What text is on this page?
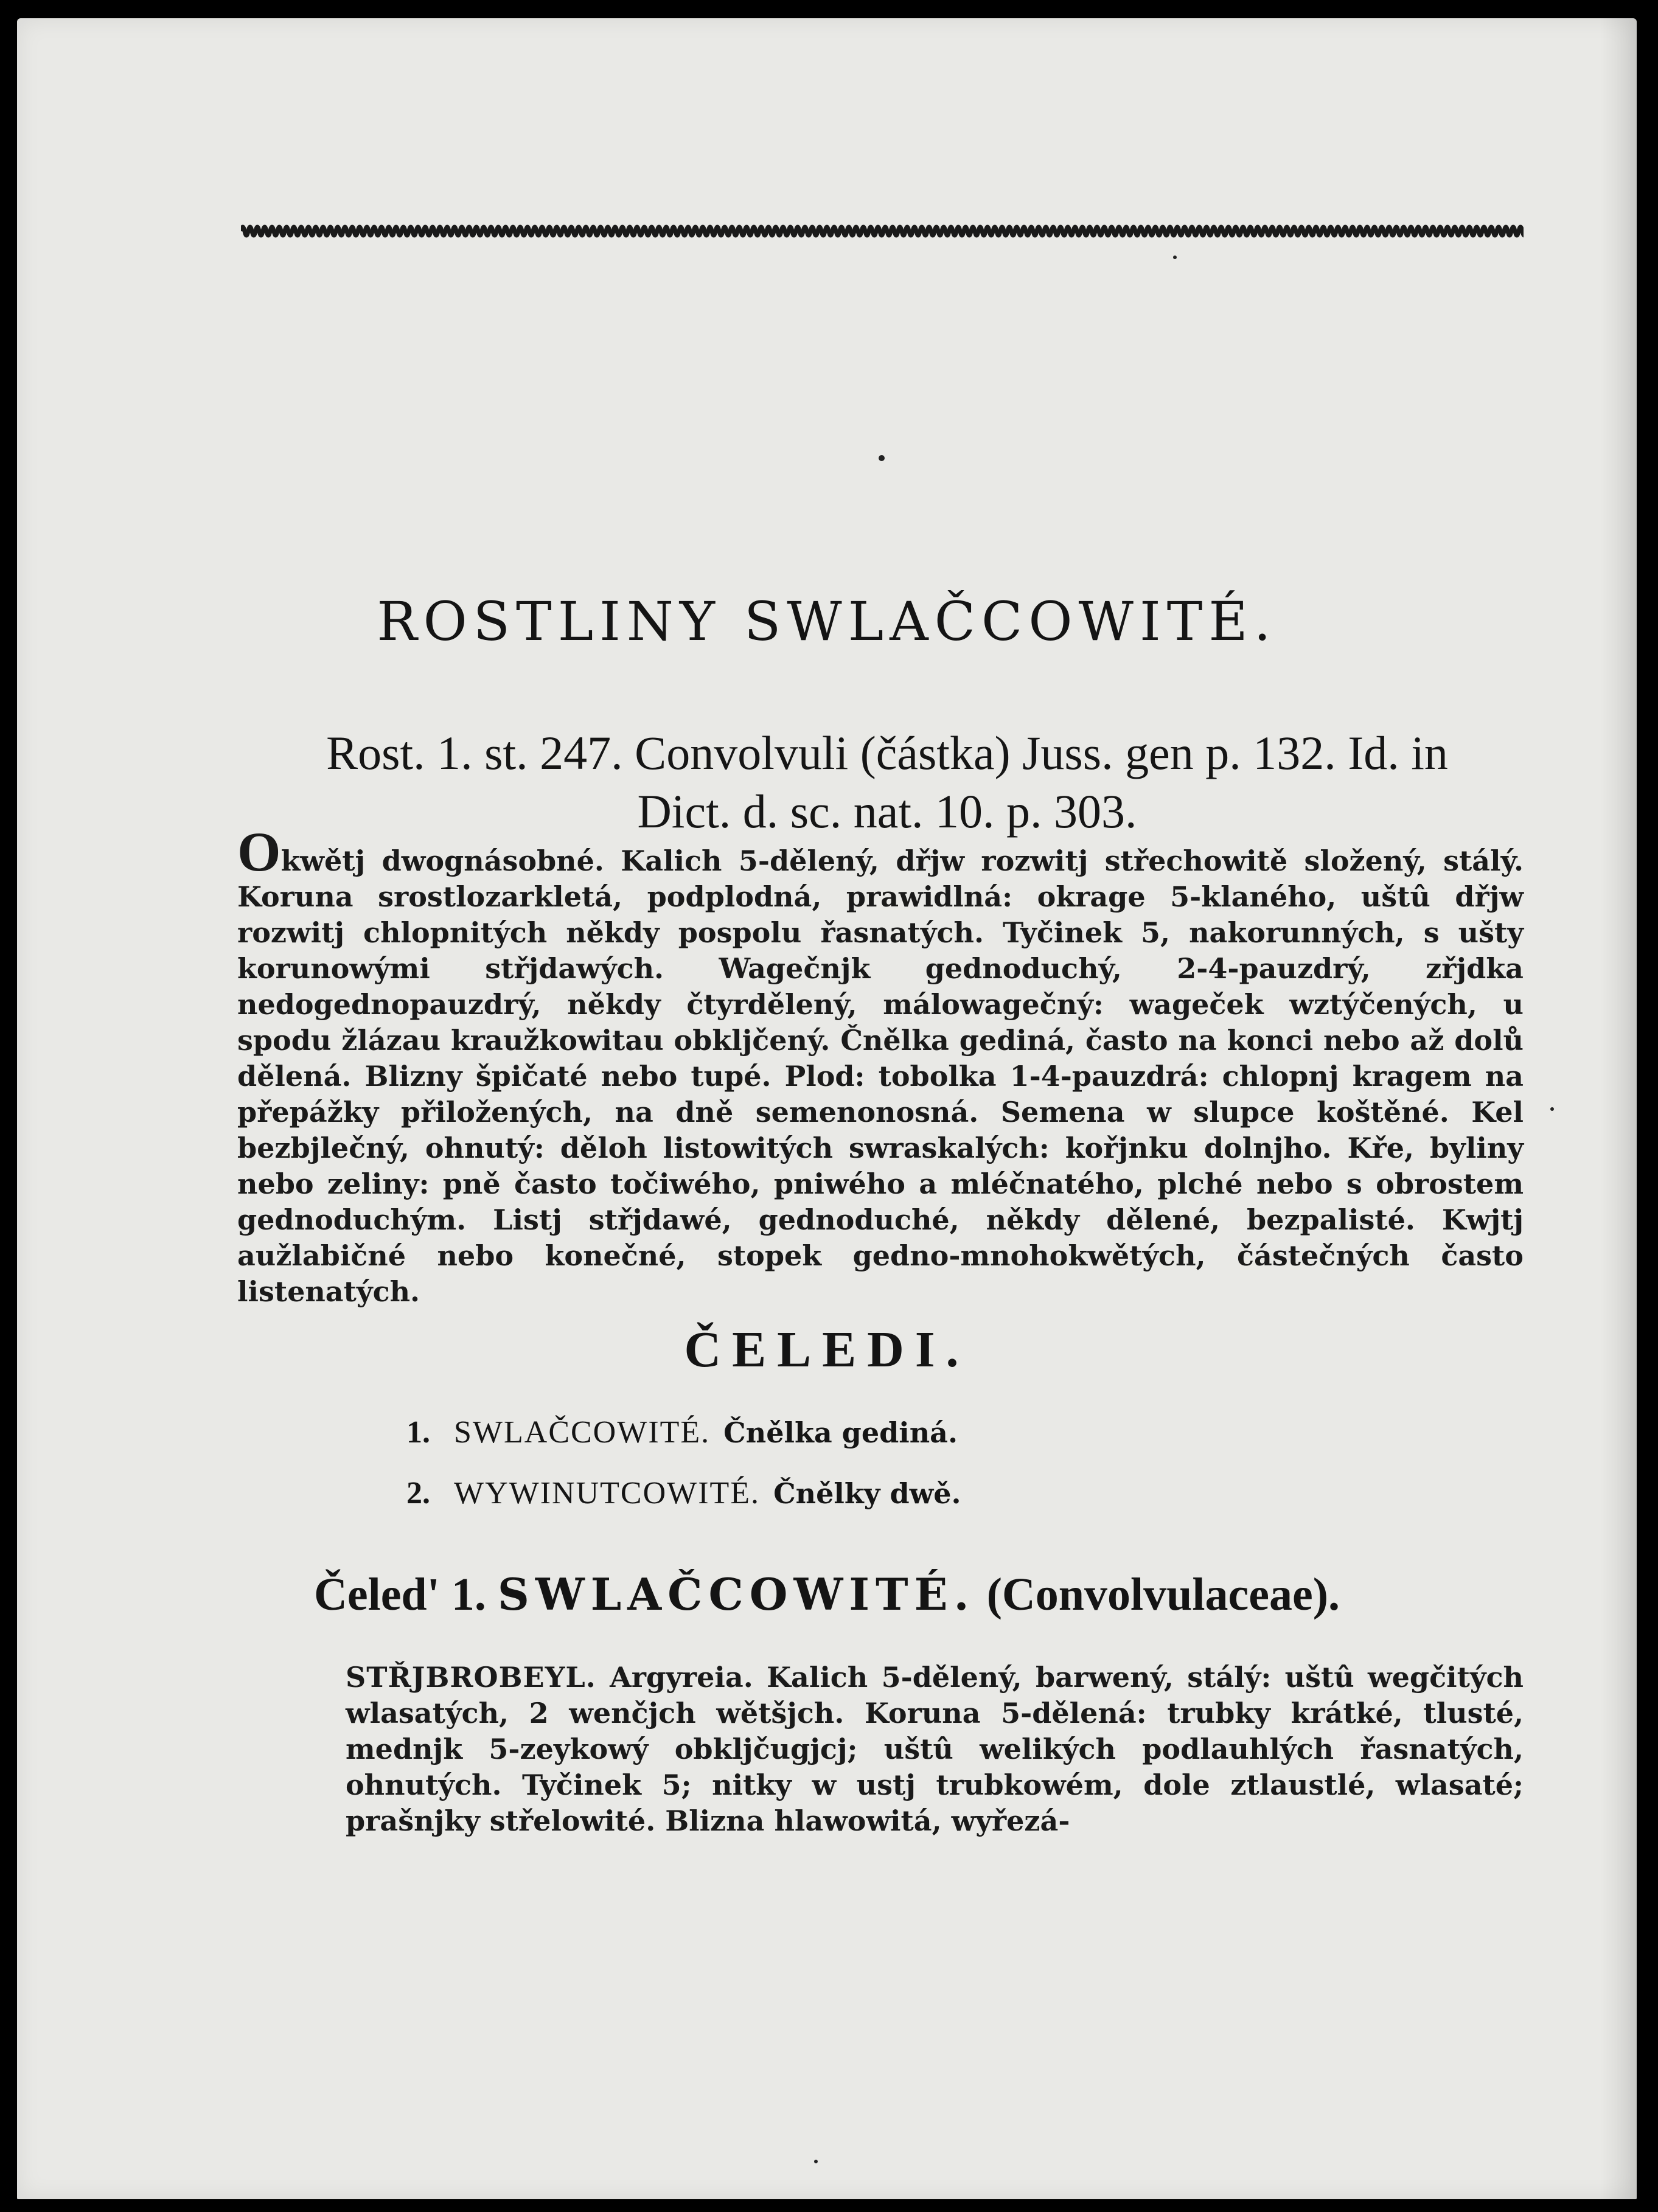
ROSTLINY SWLAČCOWITÉ.
Rost. 1. st. 247. Convolvuli (částka) Juss. gen p. 132. Id. in
Dict. d. sc. nat. 10. p. 303.

Okwětj dwognásobné. Kalich 5-dělený, dřjw rozwitj střechowitě složený, stálý. Koruna srostlozarkletá, podplodná, prawidlná: okrage 5-klaného, uštû dřjw rozwitj chlopnitých někdy pospolu řasnatých. Tyčinek 5, nakorunných, s ušty korunowými střjdawých. Wagečnjk gednoduchý, 2-4-pauzdrý, zřjdka nedogednopauzdrý, někdy čtyrdělený, málowagečný: wageček wztýčených, u spodu žlázau kraužkowitau obkljčený. Čnělka gediná, často na konci nebo až dolů dělená. Blizny špičaté nebo tupé. Plod: tobolka 1-4-pauzdrá: chlopnj kragem na přepážky přiložených, na dně semenonosná. Semena w slupce koštěné. Kel bezbjlečný, ohnutý: děloh listowitých swraskalých: kořjnku dolnjho. Kře, byliny nebo zeliny: pně často točiwého, pniwého a mléčnatého, plché nebo s obrostem gednoduchým. Listj střjdawé, gednoduché, někdy dělené, bezpalisté. Kwjtj aužlabičné nebo konečné, stopek gedno-mnohokwětých, částečných často listenatých.

ČELEDI.
1. SWLAČCOWITÉ. Čnělka gediná.
2. WYWINUTCOWITÉ. Čnělky dwě.
Čeled' 1. SWLAČCOWITÉ. (Convolvulaceae).

STŘJBROBEYL. Argyreia. Kalich 5-dělený, barwený, stálý: uštû wegčitých wlasatých, 2 wenčjch wětšjch. Koruna 5-dělená: trubky krátké, tlusté, mednjk 5-zeykowý obkljčugjcj; uštû welikých podlauhlých řasnatých, ohnutých. Tyčinek 5; nitky w ustj trubkowém, dole ztlaustlé, wlasaté; prašnjky střelowité. Blizna hlawowitá, wyřezá-
